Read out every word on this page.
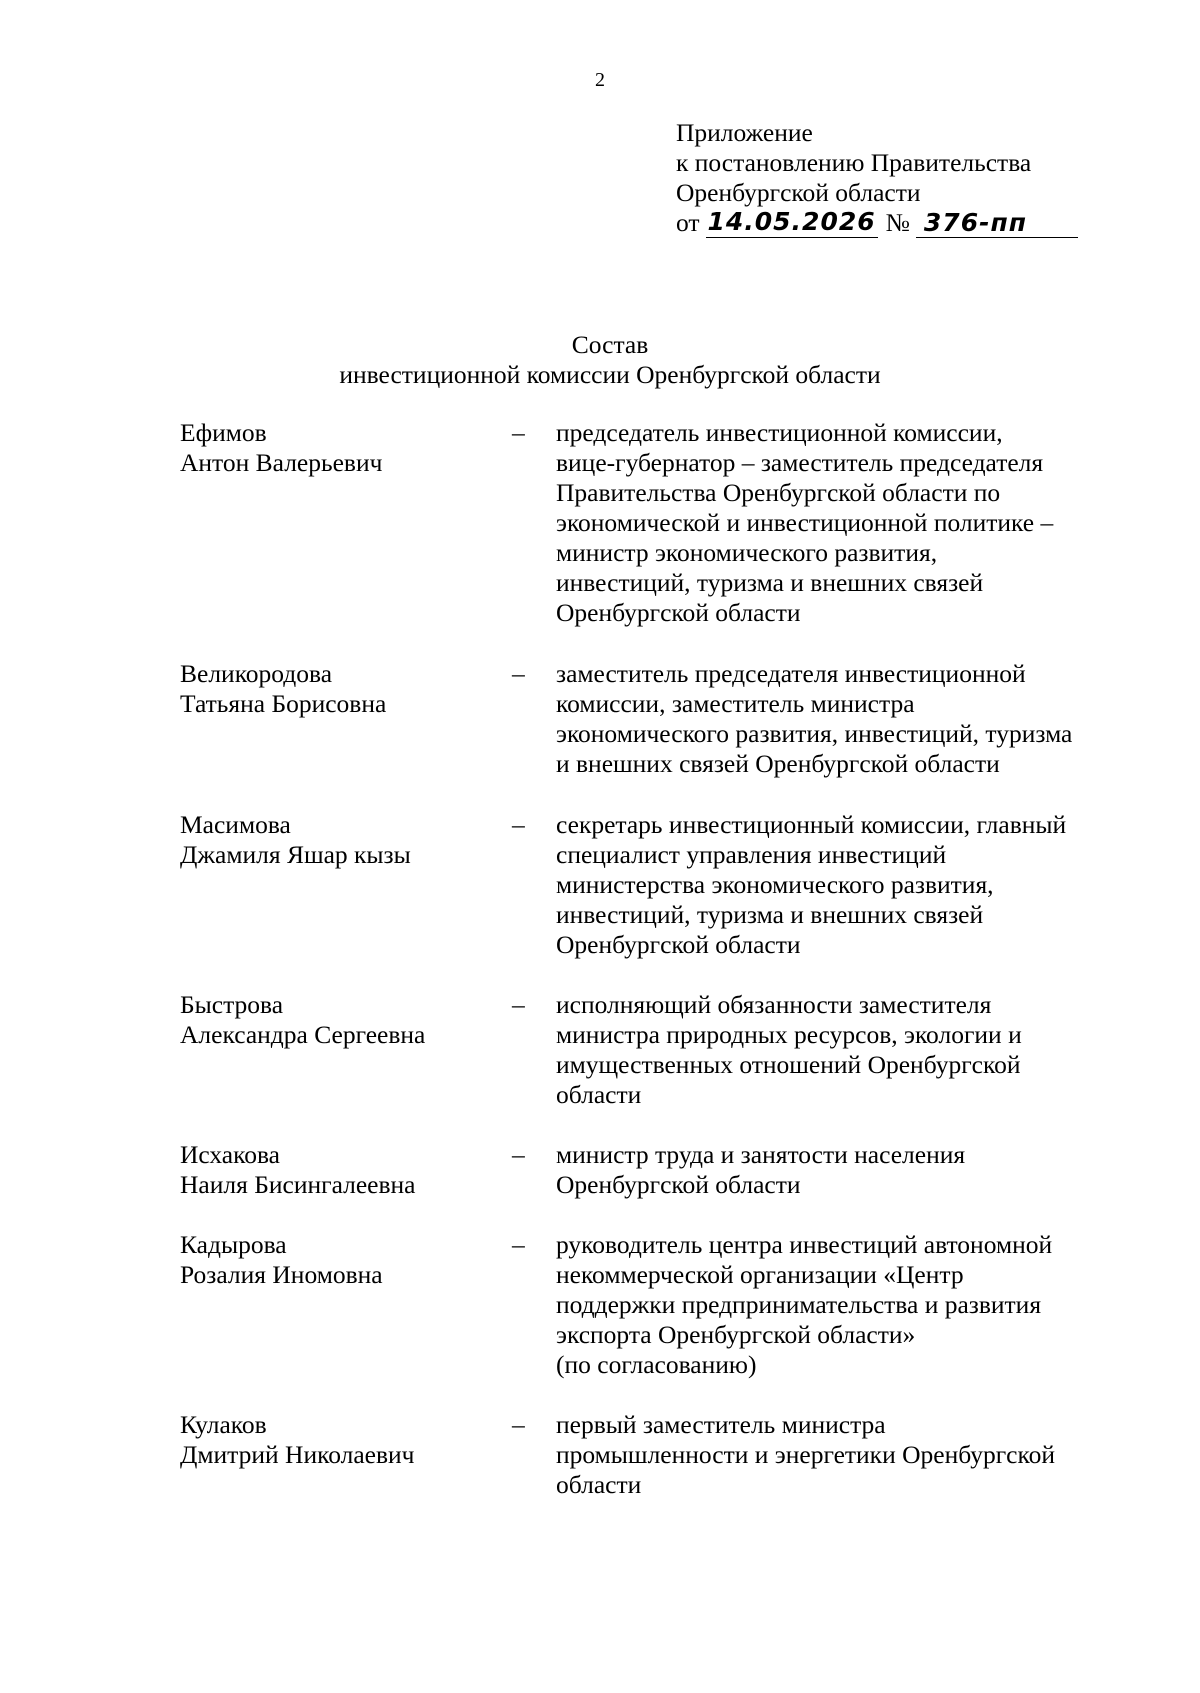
2
Приложение
к постановлению Правительства
Оренбургской области
от 14.05.2026 № 376-пп
Состав
инвестиционной комиссии Оренбургской области
Ефимов
Антон Валерьевич
– председатель инвестиционной комиссии,
вице-губернатор – заместитель председателя
Правительства Оренбургской области по
экономической и инвестиционной политике –
министр экономического развития,
инвестиций, туризма и внешних связей
Оренбургской области
Великородова
Татьяна Борисовна
– заместитель председателя инвестиционной
комиссии, заместитель министра
экономического развития, инвестиций, туризма
и внешних связей Оренбургской области
Масимова
Джамиля Яшар кызы
– секретарь инвестиционный комиссии, главный
специалист управления инвестиций
министерства экономического развития,
инвестиций, туризма и внешних связей
Оренбургской области
Быстрова
Александра Сергеевна
– исполняющий обязанности заместителя
министра природных ресурсов, экологии и
имущественных отношений Оренбургской
области
Исхакова
Наиля Бисингалеевна
– министр труда и занятости населения
Оренбургской области
Кадырова
Розалия Иномовна
– руководитель центра инвестиций автономной
некоммерческой организации «Центр
поддержки предпринимательства и развития
экспорта Оренбургской области»
(по согласованию)
Кулаков
Дмитрий Николаевич
– первый заместитель министра
промышленности и энергетики Оренбургской
области
